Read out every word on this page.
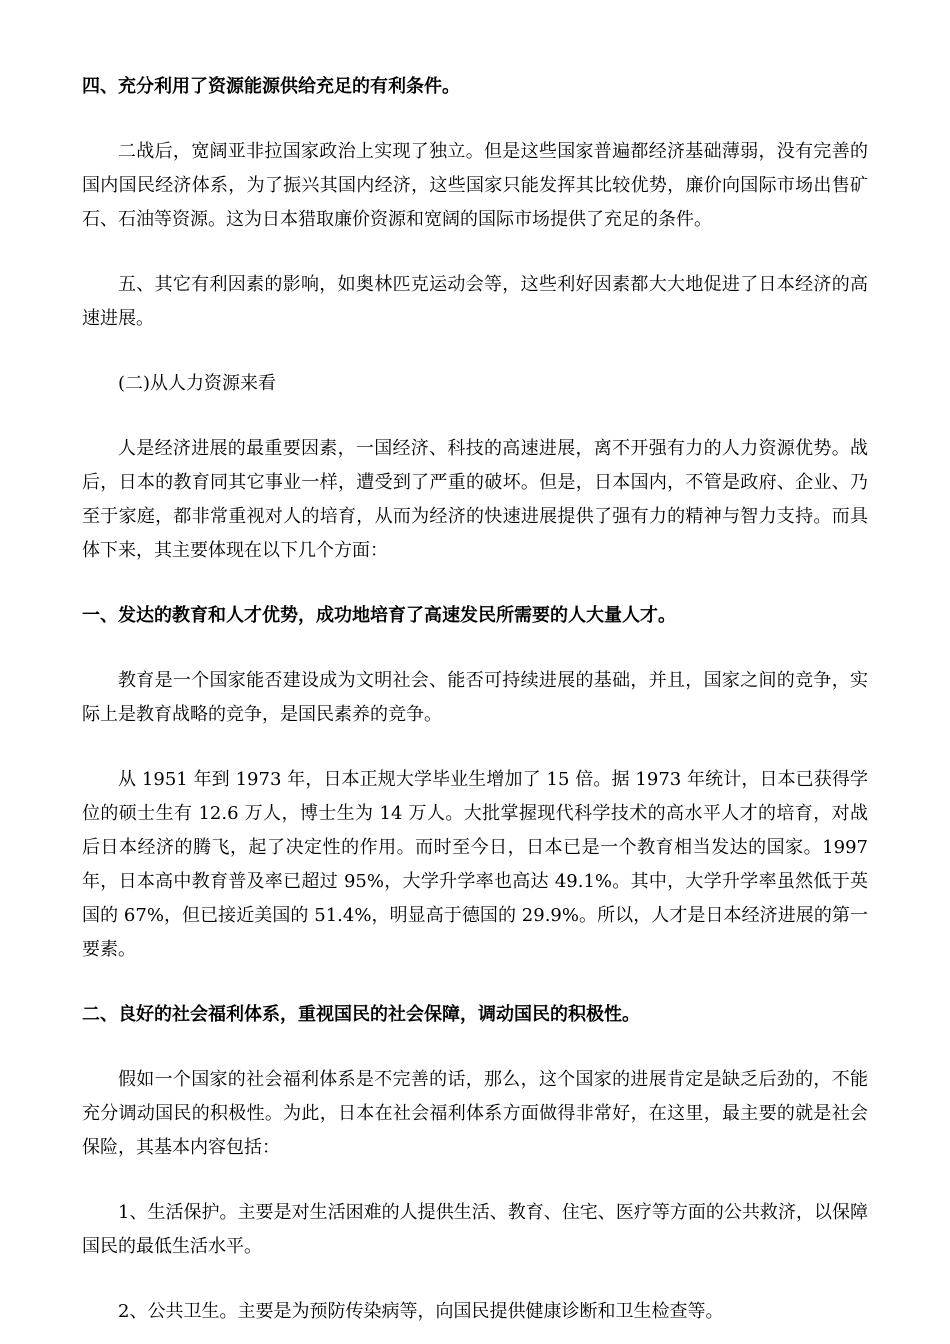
四、充分利用了资源能源供给充足的有利条件。

二战后，宽阔亚非拉国家政治上实现了独立。但是这些国家普遍都经济基础薄弱，没有完善的国内国民经济体系，为了振兴其国内经济，这些国家只能发挥其比较优势，廉价向国际市场出售矿石、石油等资源。这为日本猎取廉价资源和宽阔的国际市场提供了充足的条件。

五、其它有利因素的影响，如奥林匹克运动会等，这些利好因素都大大地促进了日本经济的高速进展。

(二)从人力资源来看

人是经济进展的最重要因素，一国经济、科技的高速进展，离不开强有力的人力资源优势。战后，日本的教育同其它事业一样，遭受到了严重的破坏。但是，日本国内，不管是政府、企业、乃至于家庭，都非常重视对人的培育，从而为经济的快速进展提供了强有力的精神与智力支持。而具体下来，其主要体现在以下几个方面：

一、发达的教育和人才优势，成功地培育了高速发民所需要的人大量人才。

教育是一个国家能否建设成为文明社会、能否可持续进展的基础，并且，国家之间的竞争，实际上是教育战略的竞争，是国民素养的竞争。

从 1951 年到 1973 年，日本正规大学毕业生增加了 15 倍。据 1973 年统计，日本已获得学位的硕士生有 12.6 万人，博士生为 14 万人。大批掌握现代科学技术的高水平人才的培育，对战后日本经济的腾飞，起了决定性的作用。而时至今日，日本已是一个教育相当发达的国家。1997 年，日本高中教育普及率已超过 95%，大学升学率也高达 49.1%。其中，大学升学率虽然低于英国的 67%，但已接近美国的 51.4%，明显高于德国的 29.9%。所以，人才是日本经济进展的第一要素。

二、良好的社会福利体系，重视国民的社会保障，调动国民的积极性。

假如一个国家的社会福利体系是不完善的话，那么，这个国家的进展肯定是缺乏后劲的，不能充分调动国民的积极性。为此，日本在社会福利体系方面做得非常好，在这里，最主要的就是社会保险，其基本内容包括：

1、生活保护。主要是对生活困难的人提供生活、教育、住宅、医疗等方面的公共救济，以保障国民的最低生活水平。

2、公共卫生。主要是为预防传染病等，向国民提供健康诊断和卫生检查等。
